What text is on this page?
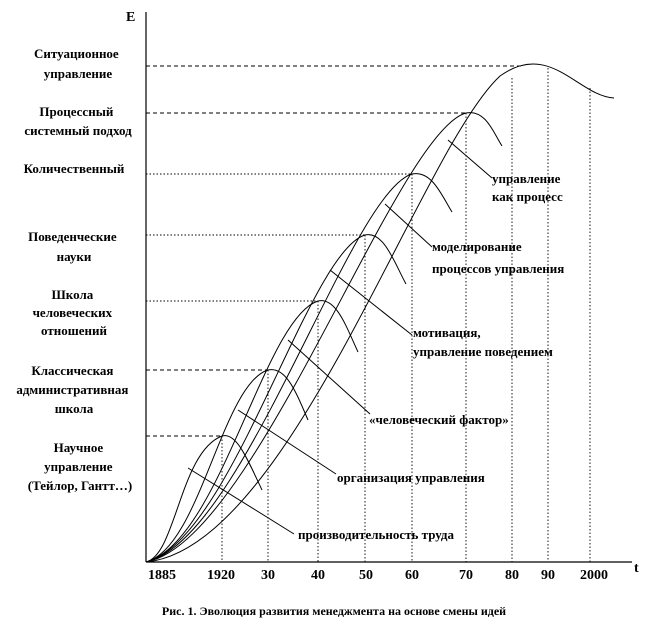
E
t
Ситуационное управление
Процессный системный подход
Количественный
Поведенческие науки
Школа человеческих отношений
Классическая административная школа
Научное управление (Тейлор, Гантт…)
управление как процесс
моделирование процессов управления
мотивация, управление поведением
«человеческий фактор»
организация управления
производительность труда
1885 1920 30	40 50 60	70 80 90 2000
Рис. 1. Эволюция развития менеджмента на основе смены идей
